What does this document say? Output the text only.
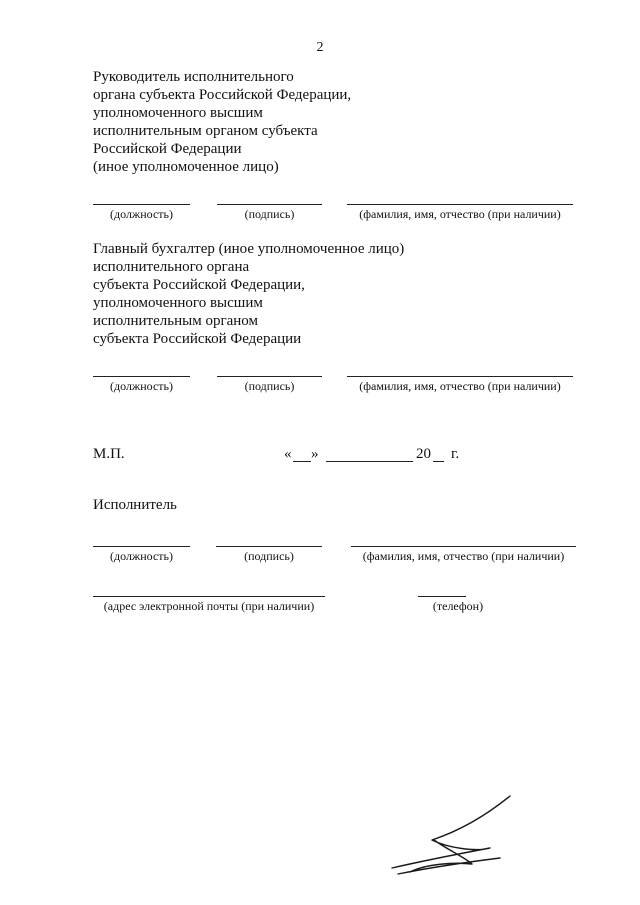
2
Руководитель исполнительного
органа субъекта Российской Федерации,
уполномоченного высшим
исполнительным органом субъекта
Российской Федерации
(иное уполномоченное лицо)
(должность)	(подпись)	(фамилия, имя, отчество (при наличии)
Главный бухгалтер (иное уполномоченное лицо)
исполнительного органа
субъекта Российской Федерации,
уполномоченного высшим
исполнительным органом
субъекта Российской Федерации
(должность)	(подпись)	(фамилия, имя, отчество (при наличии)
М.П.	« »	20 г.
Исполнитель
(должность)	(подпись)	(фамилия, имя, отчество (при наличии)
(адрес электронной почты (при наличии)	(телефон)
